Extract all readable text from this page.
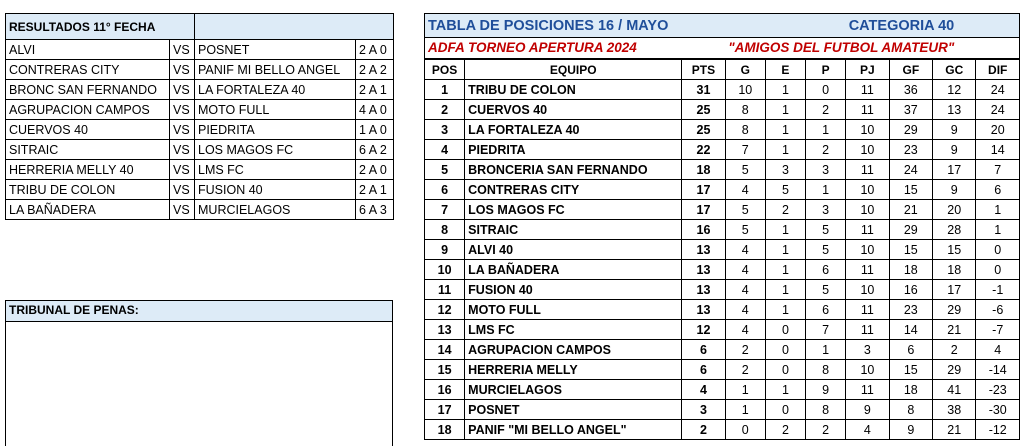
RESULTADOS 11° FECHA			
ALVI	VS	POSNET	2 A 0
CONTRERAS CITY	VS	PANIF MI BELLO ANGEL	2 A 2
BRONC SAN FERNANDO	VS	LA FORTALEZA 40	2 A 1
AGRUPACION CAMPOS	VS	MOTO FULL	4 A 0
CUERVOS 40	VS	PIEDRITA	1 A 0
SITRAIC	VS	LOS MAGOS FC	6 A 2
HERRERIA MELLY 40	VS	LMS FC	2 A 0
TRIBU DE COLON	VS	FUSION 40	2 A 1
LA BAÑADERA	VS	MURCIELAGOS	6 A 3
TRIBUNAL DE PENAS:
TABLA DE POSICIONES 16 / MAYO						CATEGORIA 40			
ADFA TORNEO APERTURA 2024			"AMIGOS DEL FUTBOL AMATEUR"						
POS	EQUIPO	PTS	G	E	P	PJ	GF	GC	DIF
1	TRIBU DE COLON	31	10	1	0	11	36	12	24
2	CUERVOS 40	25	8	1	2	11	37	13	24
3	LA FORTALEZA 40	25	8	1	1	10	29	9	20
4	PIEDRITA	22	7	1	2	10	23	9	14
5	BRONCERIA SAN FERNANDO	18	5	3	3	11	24	17	7
6	CONTRERAS CITY	17	4	5	1	10	15	9	6
7	LOS MAGOS FC	17	5	2	3	10	21	20	1
8	SITRAIC	16	5	1	5	11	29	28	1
9	ALVI 40	13	4	1	5	10	15	15	0
10	LA BAÑADERA	13	4	1	6	11	18	18	0
11	FUSION 40	13	4	1	5	10	16	17	-1
12	MOTO FULL	13	4	1	6	11	23	29	-6
13	LMS FC	12	4	0	7	11	14	21	-7
14	AGRUPACION CAMPOS	6	2	0	1	3	6	2	4
15	HERRERIA MELLY	6	2	0	8	10	15	29	-14
16	MURCIELAGOS	4	1	1	9	11	18	41	-23
17	POSNET	3	1	0	8	9	8	38	-30
18	PANIF "MI BELLO ANGEL"	2	0	2	2	4	9	21	-12
